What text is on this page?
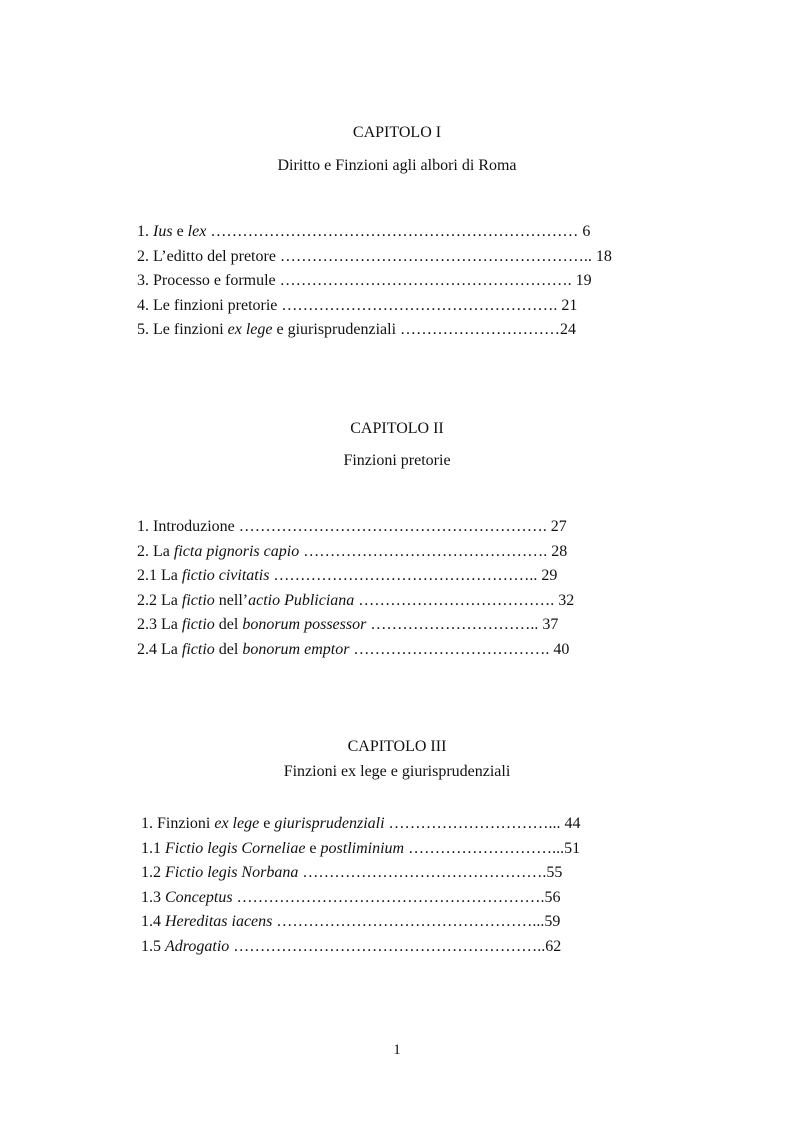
CAPITOLO I
Diritto e Finzioni agli albori di Roma
1. Ius e lex …………………………………………………………… 6
2. L’editto del pretore ………………………………………………….. 18
3. Processo e formule ………………………………………………. 19
4. Le finzioni pretorie ……………………………………………. 21
5. Le finzioni ex lege e giurisprudenziali …………………………24
CAPITOLO II
Finzioni pretorie
1. Introduzione …………………………………………………. 27
2. La ficta pignoris capio ………………………………………. 28
2.1 La fictio civitatis ………………………………………….. 29
2.2 La fictio nell’actio Publiciana ………………………………. 32
2.3 La fictio del bonorum possessor ………………………….. 37
2.4 La fictio del bonorum emptor ………………………………. 40
CAPITOLO III
Finzioni ex lege e giurisprudenziali
1. Finzioni ex lege e giurisprudenziali …………………………... 44
1.1 Fictio legis Corneliae e postliminium ………………………...51
1.2 Fictio legis Norbana ……………………………………….55
1.3 Conceptus ………………………………………………….56
1.4 Hereditas iacens …………………………………………...59
1.5 Adrogatio …………………………………………………..62
1
